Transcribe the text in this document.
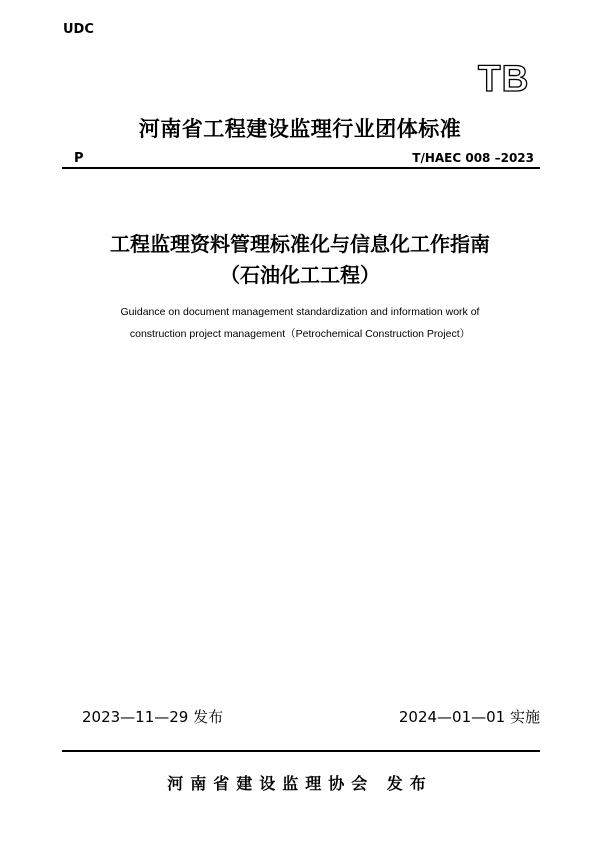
UDC
TB
河南省工程建设监理行业团体标准
P	T/HAEC 008 –2023
工程监理资料管理标准化与信息化工作指南
（石油化工工程）
Guidance on document management standardization and information work of
construction project management（Petrochemical Construction Project）
2023—11—29 发布	2024—01—01 实施
河南省建设监理协会 发布
